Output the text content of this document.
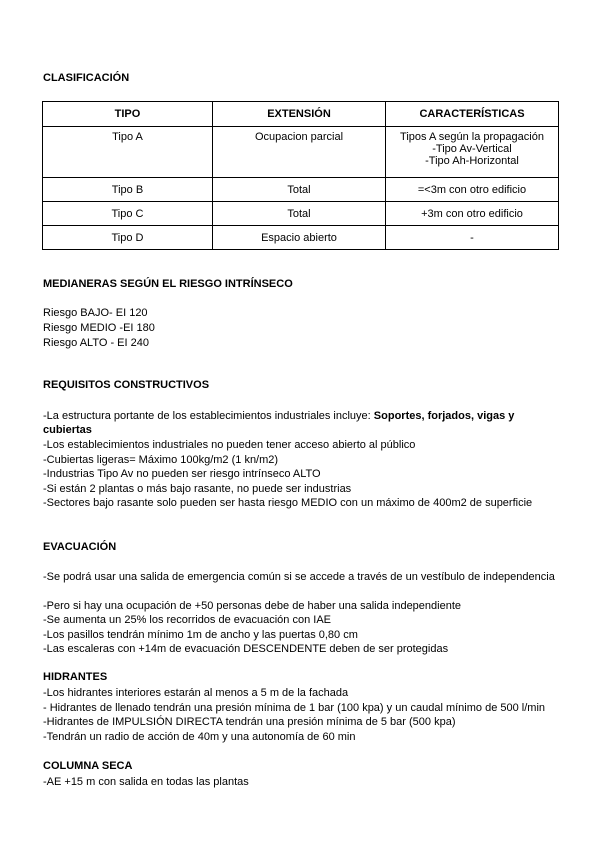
CLASIFICACIÓN
TIPO	EXTENSIÓN	CARACTERÍSTICAS
Tipo A	Ocupacion parcial	Tipos A según la propagación
-Tipo Av-Vertical
-Tipo Ah-Horizontal

Tipo B	Total	=<3m con otro edificio
Tipo C	Total	+3m con otro edificio
Tipo D	Espacio abierto	-
MEDIANERAS SEGÚN EL RIESGO INTRÍNSECO
Riesgo BAJO- EI 120
Riesgo MEDIO -EI 180
Riesgo ALTO - EI 240
REQUISITOS CONSTRUCTIVOS
-La estructura portante de los establecimientos industriales incluye: Soportes, forjados, vigas y cubiertas
-Los establecimientos industriales no pueden tener acceso abierto al público
-Cubiertas ligeras= Máximo 100kg/m2 (1 kn/m2)
-Industrias Tipo Av no pueden ser riesgo intrínseco ALTO
-Si están 2 plantas o más bajo rasante, no puede ser industrias
-Sectores bajo rasante solo pueden ser hasta riesgo MEDIO con un máximo de 400m2 de superficie
EVACUACIÓN
-Se podrá usar una salida de emergencia común si se accede a través de un vestíbulo de independencia
-Pero si hay una ocupación de +50 personas debe de haber una salida independiente
-Se aumenta un 25% los recorridos de evacuación con IAE
-Los pasillos tendrán mínimo 1m de ancho y las puertas 0,80 cm
-Las escaleras con +14m de evacuación DESCENDENTE deben de ser protegidas
HIDRANTES
-Los hidrantes interiores estarán al menos a 5 m de la fachada
- Hidrantes de llenado tendrán una presión mínima de 1 bar (100 kpa) y un caudal mínimo de 500 l/min
-Hidrantes de IMPULSIÓN DIRECTA tendrán una presión mínima de 5 bar (500 kpa)
-Tendrán un radio de acción de 40m y una autonomía de 60 min
COLUMNA SECA
-AE +15 m con salida en todas las plantas
